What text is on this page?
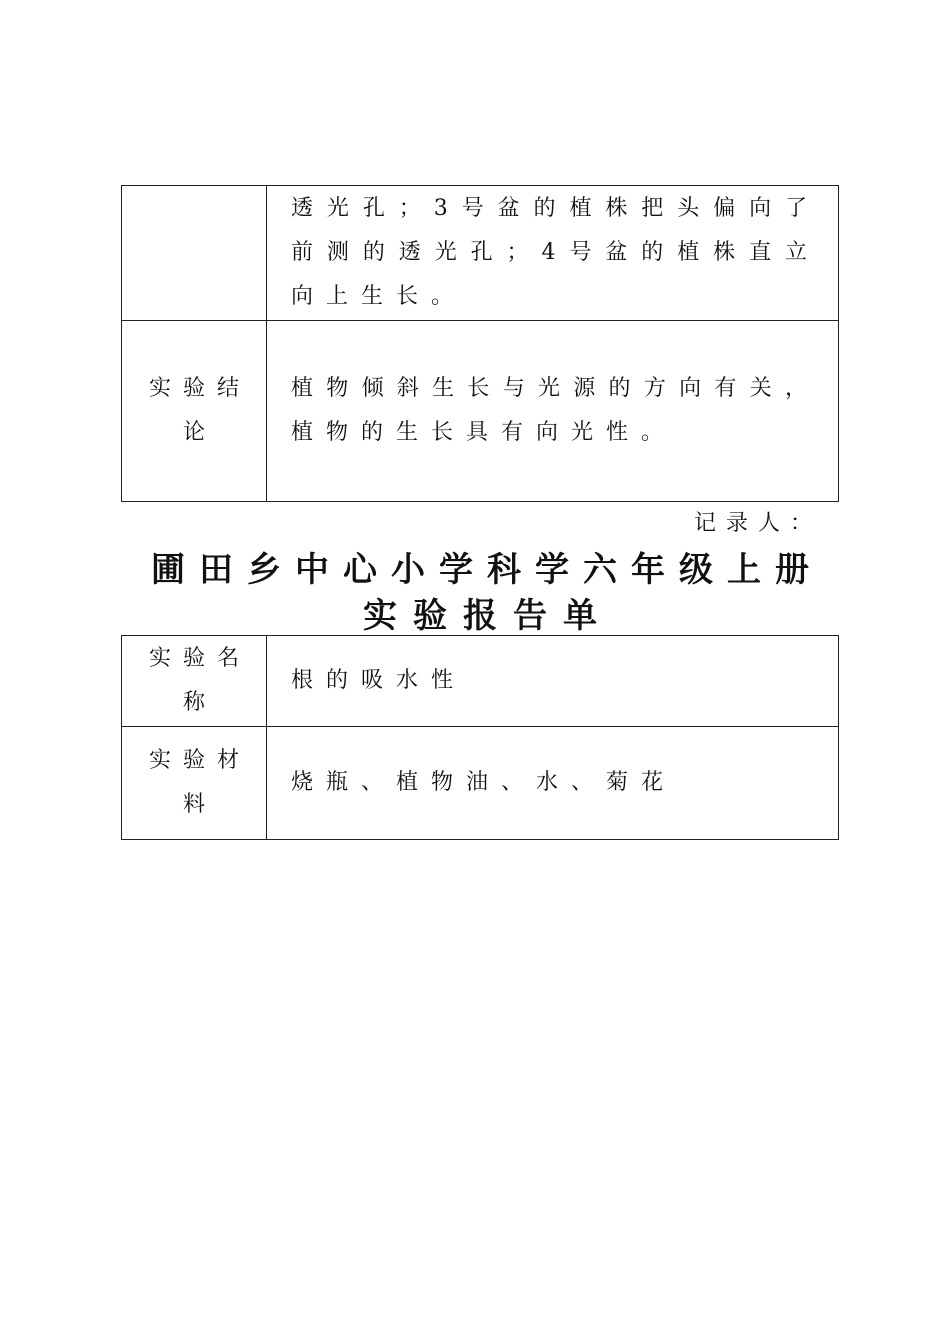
	透光孔；3号盆的植株把头偏向了前测的透光孔；4号盆的植株直立向上生长。
实验结论	植物倾斜生长与光源的方向有关，植物的生长具有向光性。
记录人：
圃田乡中心小学科学六年级上册
实验报告单
实验名称	根的吸水性
实验材料	烧瓶、植物油、水、菊花
